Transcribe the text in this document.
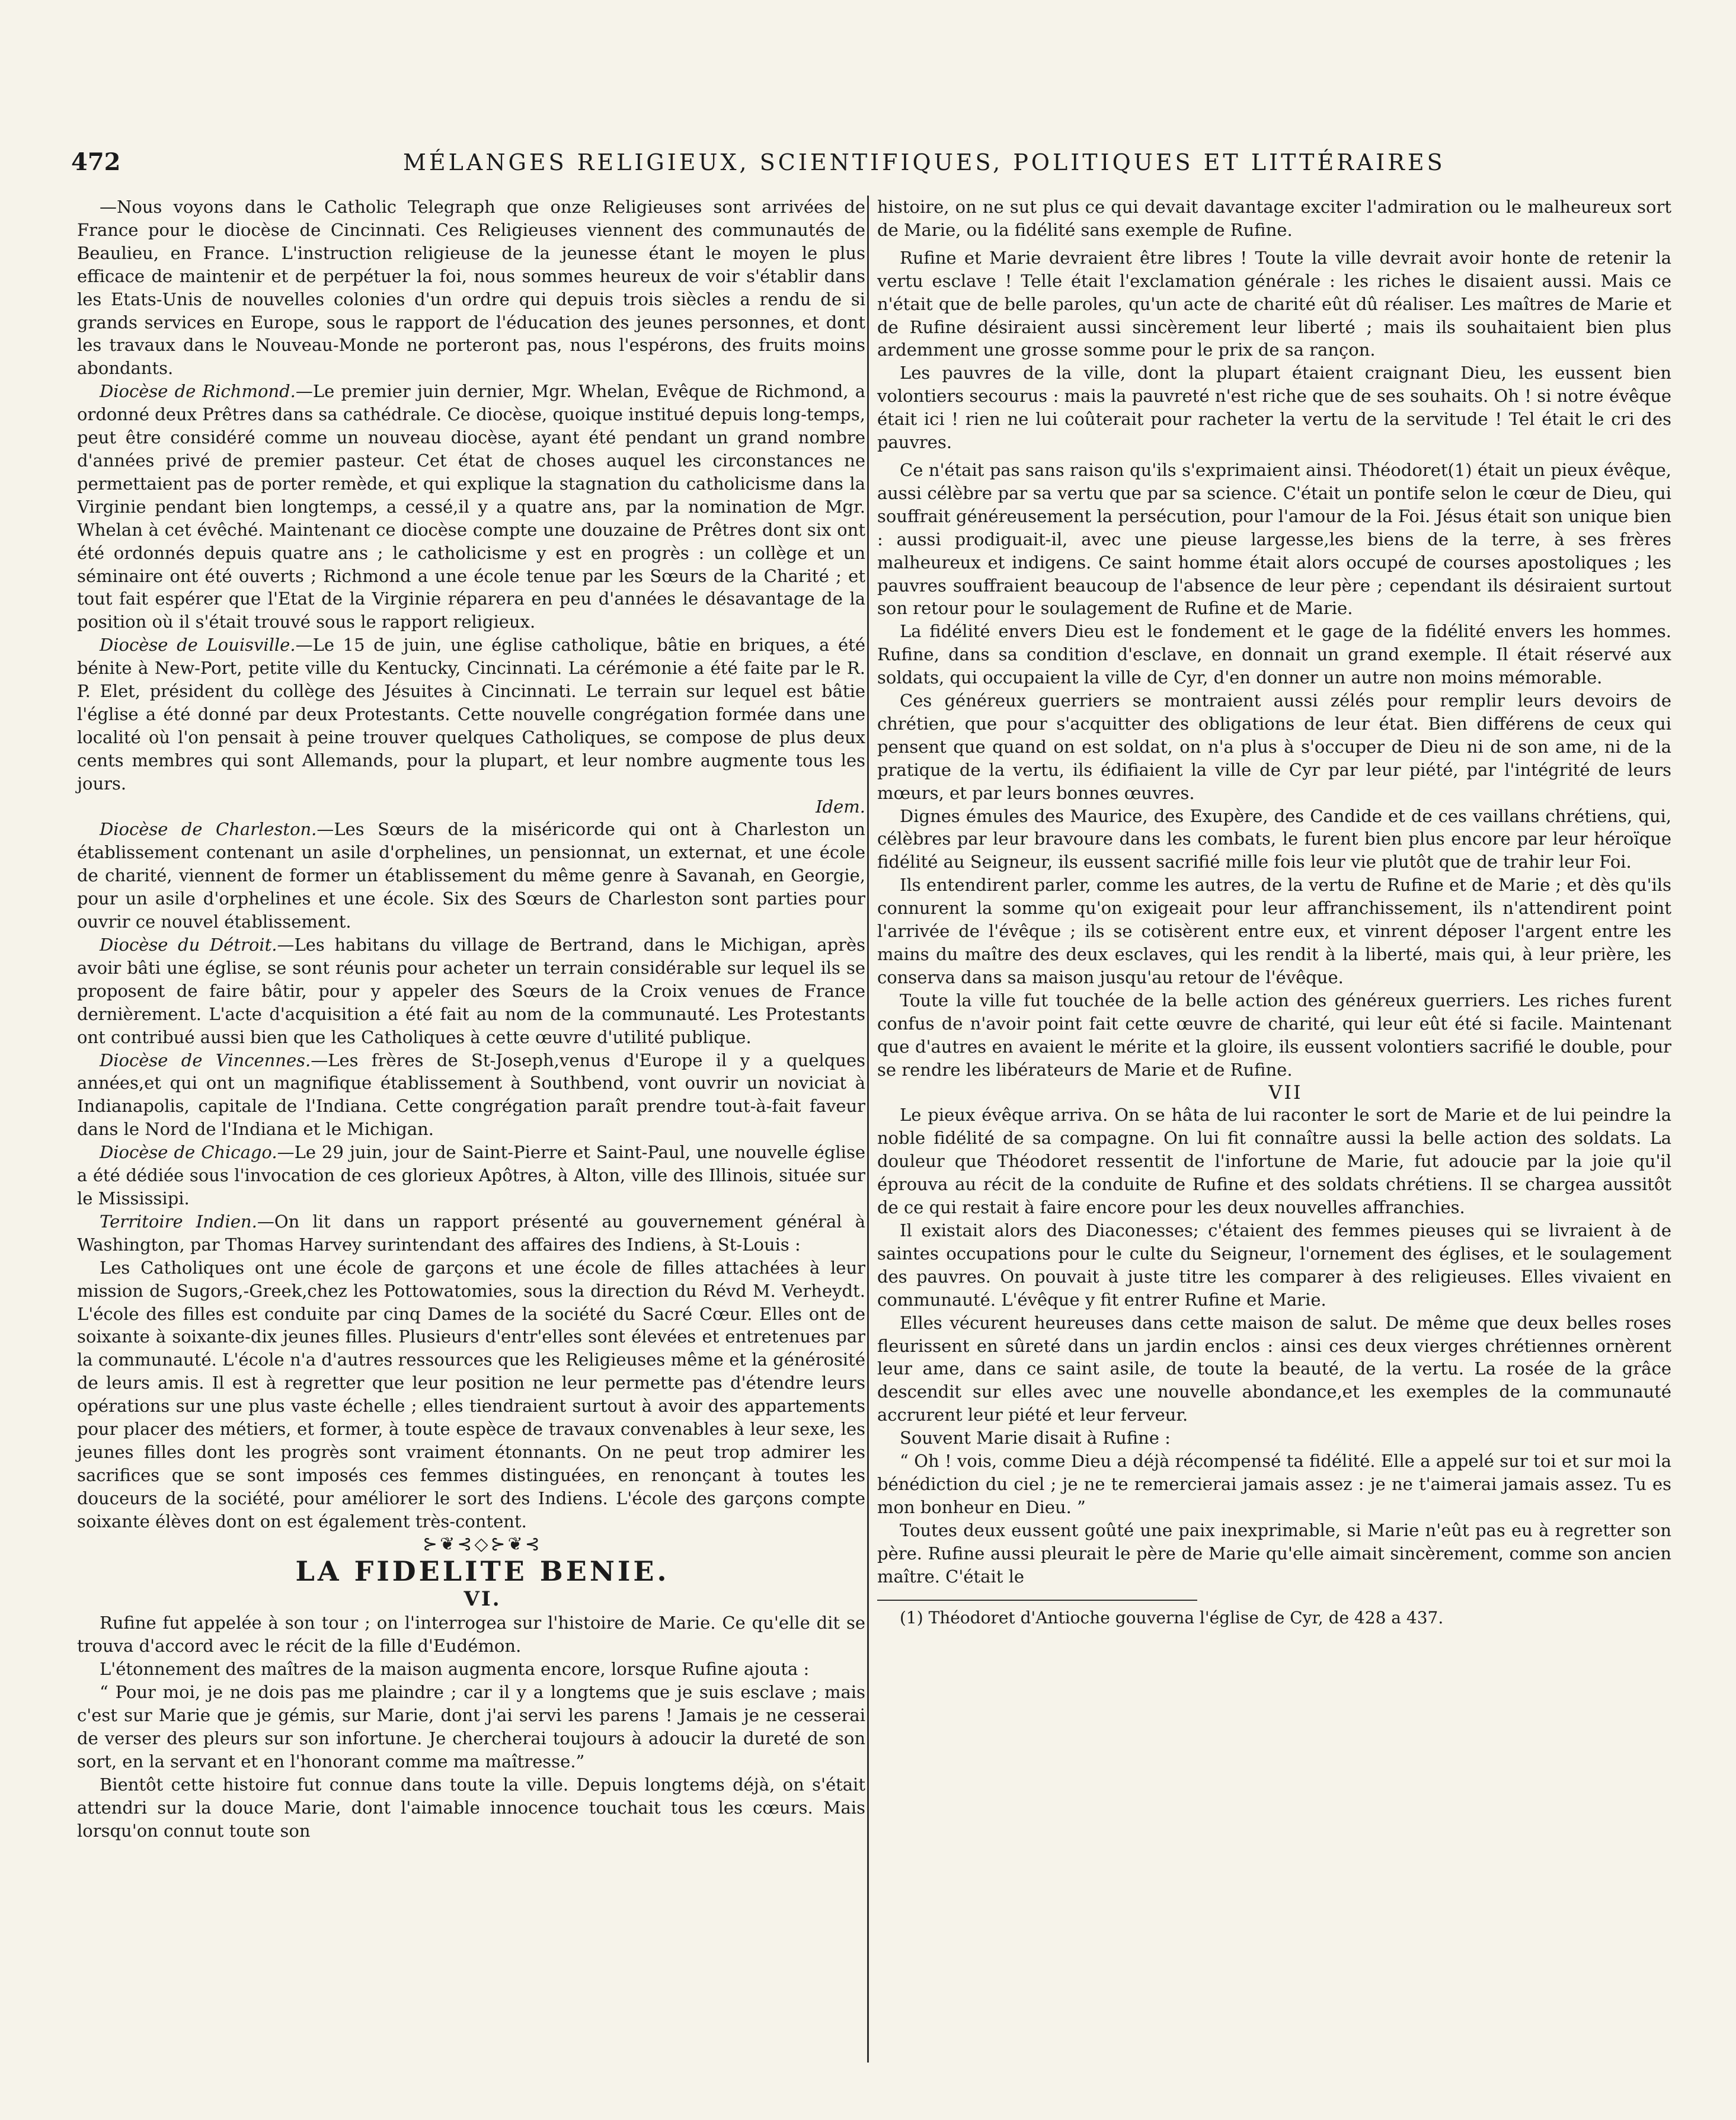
472	MÉLANGES RELIGIEUX, SCIENTIFIQUES, POLITIQUES ET LITTÉRAIRES

—Nous voyons dans le Catholic Telegraph que onze Religieuses sont arrivées de France pour le diocèse de Cincinnati. Ces Religieuses viennent des communautés de Beaulieu, en France. L'instruction religieuse de la jeunesse étant le moyen le plus efficace de maintenir et de perpétuer la foi, nous sommes heureux de voir s'établir dans les Etats-Unis de nouvelles colonies d'un ordre qui depuis trois siècles a rendu de si grands services en Europe, sous le rapport de l'éducation des jeunes personnes, et dont les travaux dans le Nouveau-Monde ne porteront pas, nous l'espérons, des fruits moins abondants.

Diocèse de Richmond.—Le premier juin dernier, Mgr. Whelan, Evêque de Richmond, a ordonné deux Prêtres dans sa cathédrale. Ce diocèse, quoique institué depuis long-temps, peut être considéré comme un nouveau diocèse, ayant été pendant un grand nombre d'années privé de premier pasteur. Cet état de choses auquel les circonstances ne permettaient pas de porter remède, et qui explique la stagnation du catholicisme dans la Virginie pendant bien longtemps, a cessé,il y a quatre ans, par la nomination de Mgr. Whelan à cet évêché. Maintenant ce diocèse compte une douzaine de Prêtres dont six ont été ordonnés depuis quatre ans ; le catholicisme y est en progrès : un collège et un séminaire ont été ouverts ; Richmond a une école tenue par les Sœurs de la Charité ; et tout fait espérer que l'Etat de la Virginie réparera en peu d'années le désavantage de la position où il s'était trouvé sous le rapport religieux.

Diocèse de Louisville.—Le 15 de juin, une église catholique, bâtie en briques, a été bénite à New-Port, petite ville du Kentucky, Cincinnati. La cérémonie a été faite par le R. P. Elet, président du collège des Jésuites à Cincinnati. Le terrain sur lequel est bâtie l'église a été donné par deux Protestants. Cette nouvelle congrégation formée dans une localité où l'on pensait à peine trouver quelques Catholiques, se compose de plus deux cents membres qui sont Allemands, pour la plupart, et leur nombre augmente tous les jours.

Idem.

Diocèse de Charleston.—Les Sœurs de la miséricorde qui ont à Charleston un établissement contenant un asile d'orphelines, un pensionnat, un externat, et une école de charité, viennent de former un établissement du même genre à Savanah, en Georgie, pour un asile d'orphelines et une école. Six des Sœurs de Charleston sont parties pour ouvrir ce nouvel établissement.

Diocèse du Détroit.—Les habitans du village de Bertrand, dans le Michigan, après avoir bâti une église, se sont réunis pour acheter un terrain considérable sur lequel ils se proposent de faire bâtir, pour y appeler des Sœurs de la Croix venues de France dernièrement. L'acte d'acquisition a été fait au nom de la communauté. Les Protestants ont contribué aussi bien que les Catholiques à cette œuvre d'utilité publique.

Diocèse de Vincennes.—Les frères de St-Joseph,venus d'Europe il y a quelques années,et qui ont un magnifique établissement à Southbend, vont ouvrir un noviciat à Indianapolis, capitale de l'Indiana. Cette congrégation paraît prendre tout-à-fait faveur dans le Nord de l'Indiana et le Michigan.

Diocèse de Chicago.—Le 29 juin, jour de Saint-Pierre et Saint-Paul, une nouvelle église a été dédiée sous l'invocation de ces glorieux Apôtres, à Alton, ville des Illinois, située sur le Mississipi.

Territoire Indien.—On lit dans un rapport présenté au gouvernement général à Washington, par Thomas Harvey surintendant des affaires des Indiens, à St-Louis :

Les Catholiques ont une école de garçons et une école de filles attachées à leur mission de Sugors,-Greek,chez les Pottowatomies, sous la direction du Révd M. Verheydt. L'école des filles est conduite par cinq Dames de la société du Sacré Cœur. Elles ont de soixante à soixante-dix jeunes filles. Plusieurs d'entr'elles sont élevées et entretenues par la communauté. L'école n'a d'autres ressources que les Religieuses même et la générosité de leurs amis. Il est à regretter que leur position ne leur permette pas d'étendre leurs opérations sur une plus vaste échelle ; elles tiendraient surtout à avoir des appartements pour placer des métiers, et former, à toute espèce de travaux convenables à leur sexe, les jeunes filles dont les progrès sont vraiment étonnants. On ne peut trop admirer les sacrifices que se sont imposés ces femmes distinguées, en renonçant à toutes les douceurs de la société, pour améliorer le sort des Indiens. L'école des garçons compte soixante élèves dont on est également très-content.

⊱❦⊰◇⊱❦⊰

LA FIDELITE BENIE.

VI.

Rufine fut appelée à son tour ; on l'interrogea sur l'histoire de Marie. Ce qu'elle dit se trouva d'accord avec le récit de la fille d'Eudémon.

L'étonnement des maîtres de la maison augmenta encore, lorsque Rufine ajouta :

“ Pour moi, je ne dois pas me plaindre ; car il y a longtems que je suis esclave ; mais c'est sur Marie que je gémis, sur Marie, dont j'ai servi les parens ! Jamais je ne cesserai de verser des pleurs sur son infortune. Je chercherai toujours à adoucir la dureté de son sort, en la servant et en l'honorant comme ma maîtresse.”

Bientôt cette histoire fut connue dans toute la ville. Depuis longtems déjà, on s'était attendri sur la douce Marie, dont l'aimable innocence touchait tous les cœurs. Mais lorsqu'on connut toute son

histoire, on ne sut plus ce qui devait davantage exciter l'admiration ou le malheureux sort de Marie, ou la fidélité sans exemple de Rufine.

Rufine et Marie devraient être libres ! Toute la ville devrait avoir honte de retenir la vertu esclave ! Telle était l'exclamation générale : les riches le disaient aussi. Mais ce n'était que de belle paroles, qu'un acte de charité eût dû réaliser. Les maîtres de Marie et de Rufine désiraient aussi sincèrement leur liberté ; mais ils souhaitaient bien plus ardemment une grosse somme pour le prix de sa rançon.

Les pauvres de la ville, dont la plupart étaient craignant Dieu, les eussent bien volontiers secourus : mais la pauvreté n'est riche que de ses souhaits. Oh ! si notre évêque était ici ! rien ne lui coûterait pour racheter la vertu de la servitude ! Tel était le cri des pauvres.

Ce n'était pas sans raison qu'ils s'exprimaient ainsi. Théodoret(1) était un pieux évêque, aussi célèbre par sa vertu que par sa science. C'était un pontife selon le cœur de Dieu, qui souffrait généreusement la persécution, pour l'amour de la Foi. Jésus était son unique bien : aussi prodiguait-il, avec une pieuse largesse,les biens de la terre, à ses frères malheureux et indigens. Ce saint homme était alors occupé de courses apostoliques ; les pauvres souffraient beaucoup de l'absence de leur père ; cependant ils désiraient surtout son retour pour le soulagement de Rufine et de Marie.

La fidélité envers Dieu est le fondement et le gage de la fidélité envers les hommes. Rufine, dans sa condition d'esclave, en donnait un grand exemple. Il était réservé aux soldats, qui occupaient la ville de Cyr, d'en donner un autre non moins mémorable.

Ces généreux guerriers se montraient aussi zélés pour remplir leurs devoirs de chrétien, que pour s'acquitter des obligations de leur état. Bien différens de ceux qui pensent que quand on est soldat, on n'a plus à s'occuper de Dieu ni de son ame, ni de la pratique de la vertu, ils édifiaient la ville de Cyr par leur piété, par l'intégrité de leurs mœurs, et par leurs bonnes œuvres.

Dignes émules des Maurice, des Exupère, des Candide et de ces vaillans chrétiens, qui, célèbres par leur bravoure dans les combats, le furent bien plus encore par leur héroïque fidélité au Seigneur, ils eussent sacrifié mille fois leur vie plutôt que de trahir leur Foi.

Ils entendirent parler, comme les autres, de la vertu de Rufine et de Marie ; et dès qu'ils connurent la somme qu'on exigeait pour leur affranchissement, ils n'attendirent point l'arrivée de l'évêque ; ils se cotisèrent entre eux, et vinrent déposer l'argent entre les mains du maître des deux esclaves, qui les rendit à la liberté, mais qui, à leur prière, les conserva dans sa maison jusqu'au retour de l'évêque.

Toute la ville fut touchée de la belle action des généreux guerriers. Les riches furent confus de n'avoir point fait cette œuvre de charité, qui leur eût été si facile. Maintenant que d'autres en avaient le mérite et la gloire, ils eussent volontiers sacrifié le double, pour se rendre les libérateurs de Marie et de Rufine.

VII

Le pieux évêque arriva. On se hâta de lui raconter le sort de Marie et de lui peindre la noble fidélité de sa compagne. On lui fit connaître aussi la belle action des soldats. La douleur que Théodoret ressentit de l'infortune de Marie, fut adoucie par la joie qu'il éprouva au récit de la conduite de Rufine et des soldats chrétiens. Il se chargea aussitôt de ce qui restait à faire encore pour les deux nouvelles affranchies.

Il existait alors des Diaconesses; c'étaient des femmes pieuses qui se livraient à de saintes occupations pour le culte du Seigneur, l'ornement des églises, et le soulagement des pauvres. On pouvait à juste titre les comparer à des religieuses. Elles vivaient en communauté. L'évêque y fit entrer Rufine et Marie.

Elles vécurent heureuses dans cette maison de salut. De même que deux belles roses fleurissent en sûreté dans un jardin enclos : ainsi ces deux vierges chrétiennes ornèrent leur ame, dans ce saint asile, de toute la beauté, de la vertu. La rosée de la grâce descendit sur elles avec une nouvelle abondance,et les exemples de la communauté accrurent leur piété et leur ferveur.

Souvent Marie disait à Rufine :

“ Oh ! vois, comme Dieu a déjà récompensé ta fidélité. Elle a appelé sur toi et sur moi la bénédiction du ciel ; je ne te remercierai jamais assez : je ne t'aimerai jamais assez. Tu es mon bonheur en Dieu. ”

Toutes deux eussent goûté une paix inexprimable, si Marie n'eût pas eu à regretter son père. Rufine aussi pleurait le père de Marie qu'elle aimait sincèrement, comme son ancien maître. C'était le

(1) Théodoret d'Antioche gouverna l'église de Cyr, de 428 a 437.
